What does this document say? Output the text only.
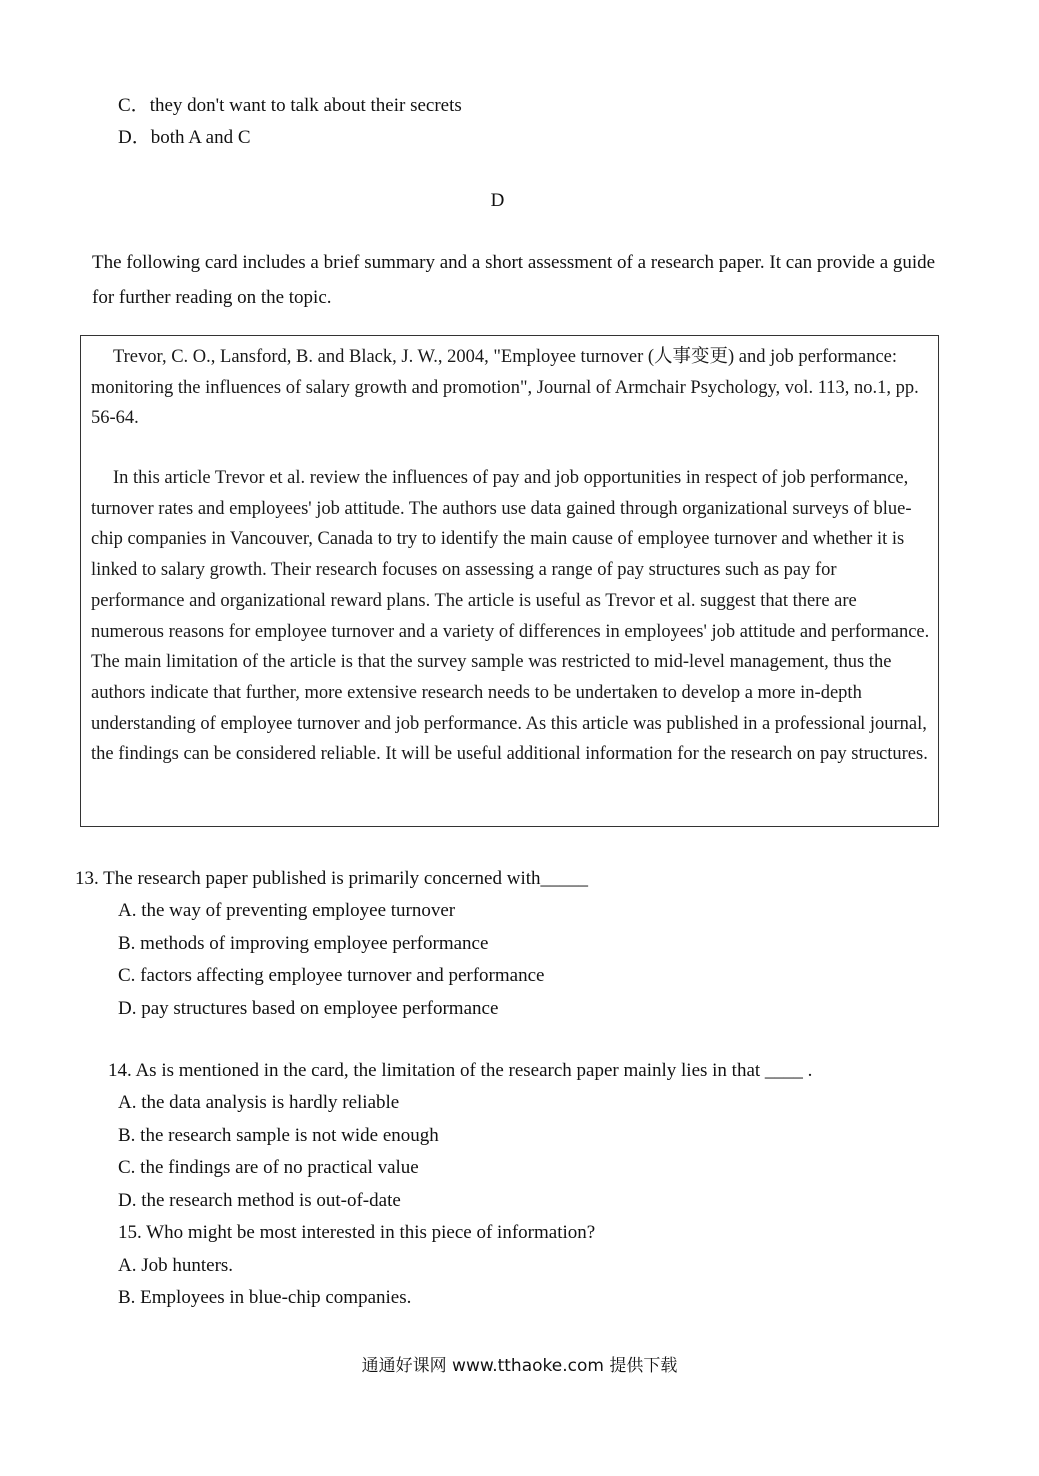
C．they don't want to talk about their secrets
D．both A and C
D
The following card includes a brief summary and a short assessment of a research paper. It can provide a guide for further reading on the topic.

Trevor, C. O., Lansford, B. and Black, J. W., 2004, "Employee turnover (人事变更) and job performance: monitoring the influences of salary growth and promotion", Journal of Armchair Psychology, vol. 113, no.1, pp. 56-64.

In this article Trevor et al. review the influences of pay and job opportunities in respect of job performance, turnover rates and employees' job attitude. The authors use data gained through organizational surveys of blue-chip companies in Vancouver, Canada to try to identify the main cause of employee turnover and whether it is linked to salary growth. Their research focuses on assessing a range of pay structures such as pay for performance and organizational reward plans. The article is useful as Trevor et al. suggest that there are numerous reasons for employee turnover and a variety of differences in employees' job attitude and performance. The main limitation of the article is that the survey sample was restricted to mid-level management, thus the authors indicate that further, more extensive research needs to be undertaken to develop a more in-depth understanding of employee turnover and job performance. As this article was published in a professional journal, the findings can be considered reliable. It will be useful additional information for the research on pay structures.

13. The research paper published is primarily concerned with_____
A. the way of preventing employee turnover
B. methods of improving employee performance
C. factors affecting employee turnover and performance
D. pay structures based on employee performance
14. As is mentioned in the card, the limitation of the research paper mainly lies in that ____ .
A. the data analysis is hardly reliable
B. the research sample is not wide enough
C. the findings are of no practical value
D. the research method is out-of-date
15. Who might be most interested in this piece of information?
A. Job hunters.
B. Employees in blue-chip companies.
通通好课网 www.tthaoke.com 提供下载
